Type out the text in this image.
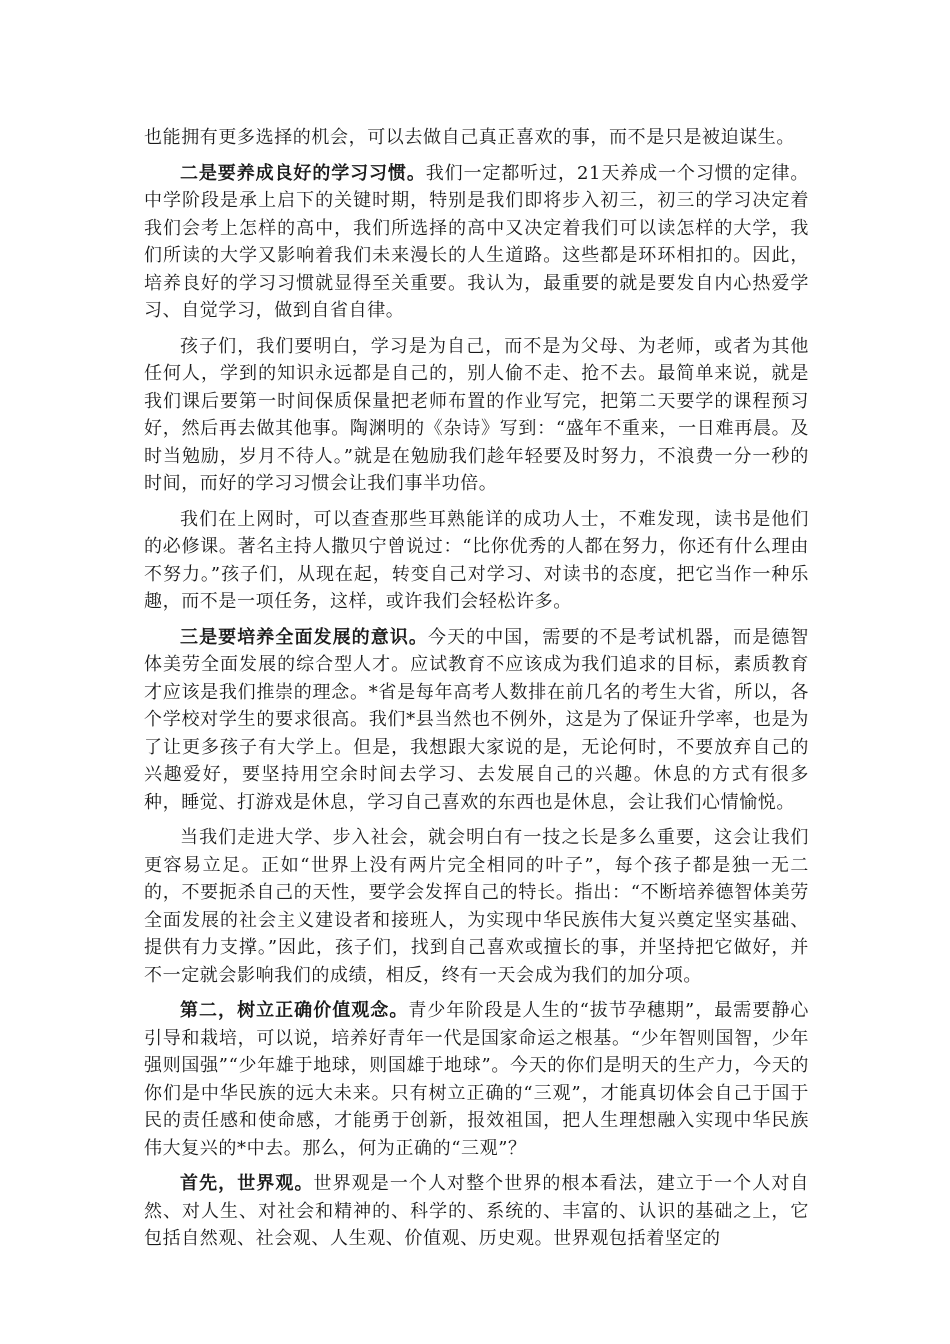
也能拥有更多选择的机会，可以去做自己真正喜欢的事，而不是只是被迫谋生。

二是要养成良好的学习习惯。我们一定都听过，21天养成一个习惯的定律。中学阶段是承上启下的关键时期，特别是我们即将步入初三，初三的学习决定着我们会考上怎样的高中，我们所选择的高中又决定着我们可以读怎样的大学，我们所读的大学又影响着我们未来漫长的人生道路。这些都是环环相扣的。因此，培养良好的学习习惯就显得至关重要。我认为，最重要的就是要发自内心热爱学习、自觉学习，做到自省自律。

孩子们，我们要明白，学习是为自己，而不是为父母、为老师，或者为其他任何人，学到的知识永远都是自己的，别人偷不走、抢不去。最简单来说，就是我们课后要第一时间保质保量把老师布置的作业写完，把第二天要学的课程预习好，然后再去做其他事。陶渊明的《杂诗》写到：“盛年不重来，一日难再晨。及时当勉励，岁月不待人。”就是在勉励我们趁年轻要及时努力，不浪费一分一秒的时间，而好的学习习惯会让我们事半功倍。

我们在上网时，可以查查那些耳熟能详的成功人士，不难发现，读书是他们的必修课。著名主持人撒贝宁曾说过：“比你优秀的人都在努力，你还有什么理由不努力。”孩子们，从现在起，转变自己对学习、对读书的态度，把它当作一种乐趣，而不是一项任务，这样，或许我们会轻松许多。

三是要培养全面发展的意识。今天的中国，需要的不是考试机器，而是德智体美劳全面发展的综合型人才。应试教育不应该成为我们追求的目标，素质教育才应该是我们推崇的理念。*省是每年高考人数排在前几名的考生大省，所以，各个学校对学生的要求很高。我们*县当然也不例外，这是为了保证升学率，也是为了让更多孩子有大学上。但是，我想跟大家说的是，无论何时，不要放弃自己的兴趣爱好，要坚持用空余时间去学习、去发展自己的兴趣。休息的方式有很多种，睡觉、打游戏是休息，学习自己喜欢的东西也是休息，会让我们心情愉悦。

当我们走进大学、步入社会，就会明白有一技之长是多么重要，这会让我们更容易立足。正如“世界上没有两片完全相同的叶子”，每个孩子都是独一无二的，不要扼杀自己的天性，要学会发挥自己的特长。指出：“不断培养德智体美劳全面发展的社会主义建设者和接班人，为实现中华民族伟大复兴奠定坚实基础、提供有力支撑。”因此，孩子们，找到自己喜欢或擅长的事，并坚持把它做好，并不一定就会影响我们的成绩，相反，终有一天会成为我们的加分项。

第二，树立正确价值观念。青少年阶段是人生的“拔节孕穗期”，最需要静心引导和栽培，可以说，培养好青年一代是国家命运之根基。“少年智则国智，少年强则国强”“少年雄于地球，则国雄于地球”。今天的你们是明天的生产力，今天的你们是中华民族的远大未来。只有树立正确的“三观”，才能真切体会自己于国于民的责任感和使命感，才能勇于创新，报效祖国，把人生理想融入实现中华民族伟大复兴的*中去。那么，何为正确的“三观”？

首先，世界观。世界观是一个人对整个世界的根本看法，建立于一个人对自然、对人生、对社会和精神的、科学的、系统的、丰富的、认识的基础之上，它包括自然观、社会观、人生观、价值观、历史观。世界观包括着坚定的
